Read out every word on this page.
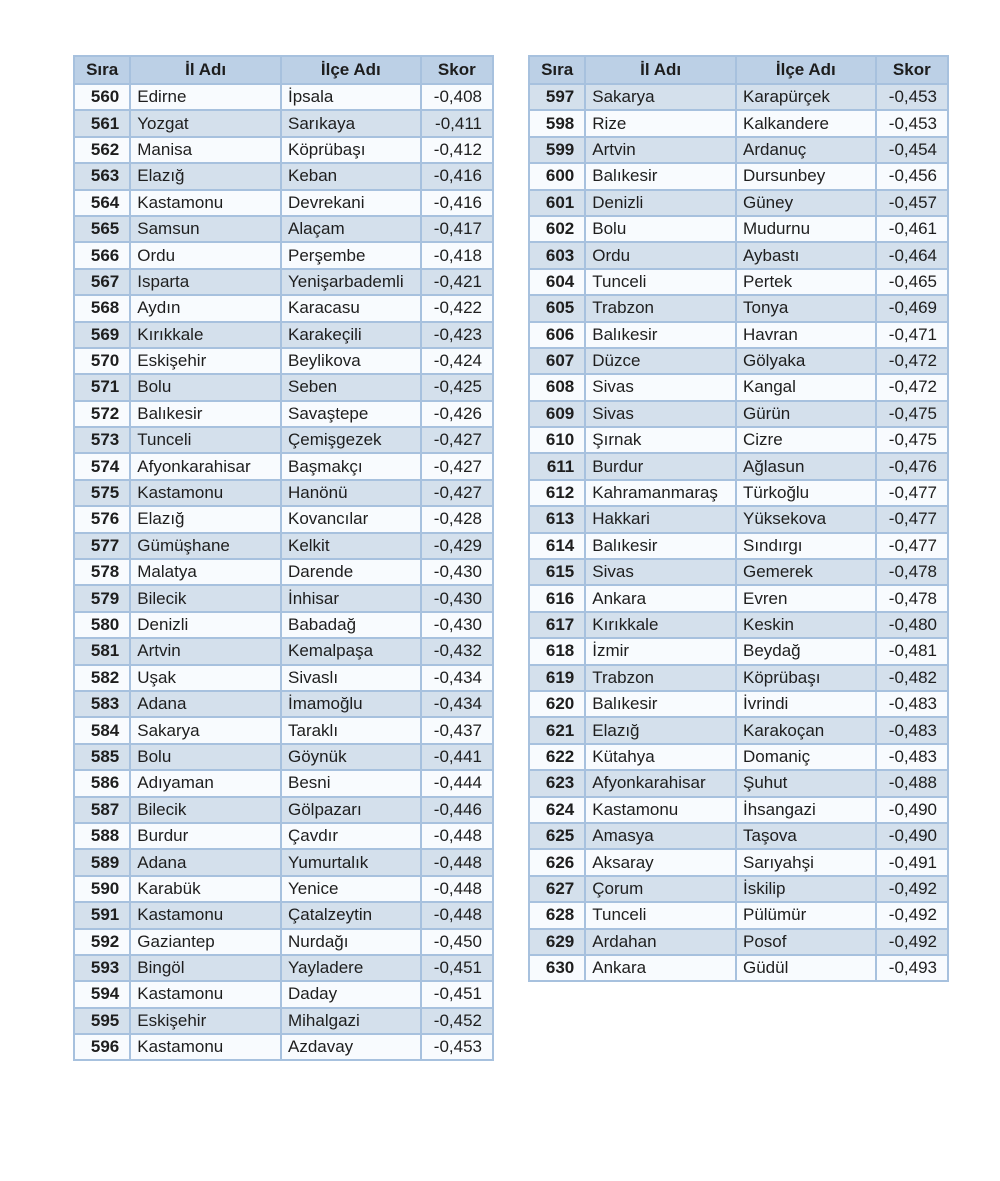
Sıra	İl Adı	İlçe Adı	Skor
560	Edirne	İpsala	-0,408
561	Yozgat	Sarıkaya	-0,411
562	Manisa	Köprübaşı	-0,412
563	Elazığ	Keban	-0,416
564	Kastamonu	Devrekani	-0,416
565	Samsun	Alaçam	-0,417
566	Ordu	Perşembe	-0,418
567	Isparta	Yenişarbademli	-0,421
568	Aydın	Karacasu	-0,422
569	Kırıkkale	Karakeçili	-0,423
570	Eskişehir	Beylikova	-0,424
571	Bolu	Seben	-0,425
572	Balıkesir	Savaştepe	-0,426
573	Tunceli	Çemişgezek	-0,427
574	Afyonkarahisar	Başmakçı	-0,427
575	Kastamonu	Hanönü	-0,427
576	Elazığ	Kovancılar	-0,428
577	Gümüşhane	Kelkit	-0,429
578	Malatya	Darende	-0,430
579	Bilecik	İnhisar	-0,430
580	Denizli	Babadağ	-0,430
581	Artvin	Kemalpaşa	-0,432
582	Uşak	Sivaslı	-0,434
583	Adana	İmamoğlu	-0,434
584	Sakarya	Taraklı	-0,437
585	Bolu	Göynük	-0,441
586	Adıyaman	Besni	-0,444
587	Bilecik	Gölpazarı	-0,446
588	Burdur	Çavdır	-0,448
589	Adana	Yumurtalık	-0,448
590	Karabük	Yenice	-0,448
591	Kastamonu	Çatalzeytin	-0,448
592	Gaziantep	Nurdağı	-0,450
593	Bingöl	Yayladere	-0,451
594	Kastamonu	Daday	-0,451
595	Eskişehir	Mihalgazi	-0,452
596	Kastamonu	Azdavay	-0,453
Sıra	İl Adı	İlçe Adı	Skor
597	Sakarya	Karapürçek	-0,453
598	Rize	Kalkandere	-0,453
599	Artvin	Ardanuç	-0,454
600	Balıkesir	Dursunbey	-0,456
601	Denizli	Güney	-0,457
602	Bolu	Mudurnu	-0,461
603	Ordu	Aybastı	-0,464
604	Tunceli	Pertek	-0,465
605	Trabzon	Tonya	-0,469
606	Balıkesir	Havran	-0,471
607	Düzce	Gölyaka	-0,472
608	Sivas	Kangal	-0,472
609	Sivas	Gürün	-0,475
610	Şırnak	Cizre	-0,475
611	Burdur	Ağlasun	-0,476
612	Kahramanmaraş	Türkoğlu	-0,477
613	Hakkari	Yüksekova	-0,477
614	Balıkesir	Sındırgı	-0,477
615	Sivas	Gemerek	-0,478
616	Ankara	Evren	-0,478
617	Kırıkkale	Keskin	-0,480
618	İzmir	Beydağ	-0,481
619	Trabzon	Köprübaşı	-0,482
620	Balıkesir	İvrindi	-0,483
621	Elazığ	Karakoçan	-0,483
622	Kütahya	Domaniç	-0,483
623	Afyonkarahisar	Şuhut	-0,488
624	Kastamonu	İhsangazi	-0,490
625	Amasya	Taşova	-0,490
626	Aksaray	Sarıyahşi	-0,491
627	Çorum	İskilip	-0,492
628	Tunceli	Pülümür	-0,492
629	Ardahan	Posof	-0,492
630	Ankara	Güdül	-0,493
